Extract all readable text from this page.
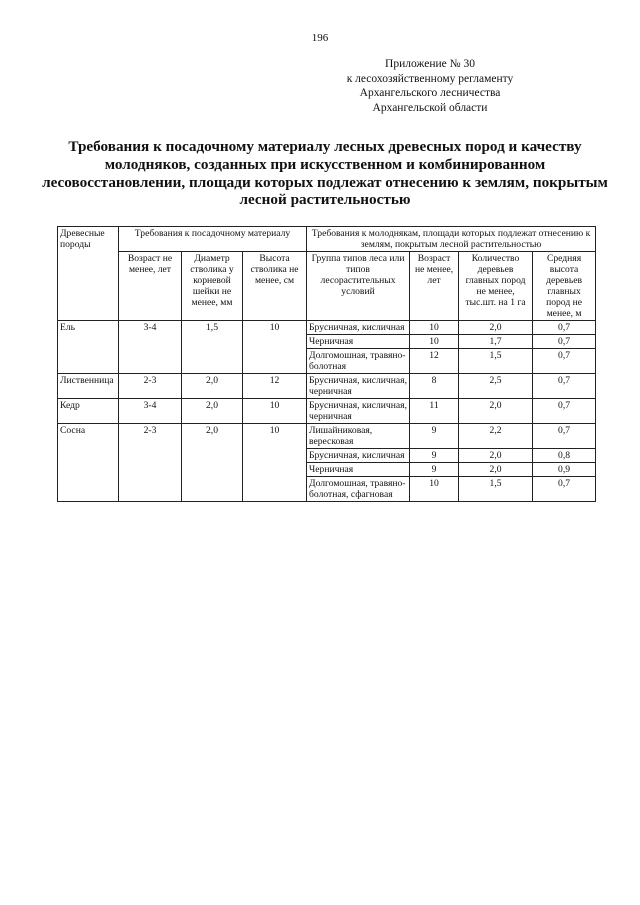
196
Приложение № 30
к лесохозяйственному регламенту
Архангельского лесничества
Архангельской области
Требования к посадочному материалу лесных древесных пород и качеству молодняков, созданных при искусственном и комбинированном лесовосстановлении, площади которых подлежат отнесению к землям, покрытым лесной растительностью
Древесные породы	Требования к посадочному материалу			Требования к молоднякам, площади которых подлежат отнесению к землям, покрытым лесной растительностью			
	Возраст не менее, лет	Диаметр стволика у корневой шейки не менее, мм	Высота стволика не менее, см	Группа типов леса или типов лесорастительных условий	Возраст не менее, лет	Количество деревьев главных пород не менее, тыс.шт. на 1 га	Средняя высота деревьев главных пород не менее, м
Ель	3-4	1,5	10	Брусничная, кисличная	10	2,0	0,7
				Черничная	10	1,7	0,7
				Долгомошная, травяно-болотная	12	1,5	0,7
Лиственница	2-3	2,0	12	Брусничная, кисличная, черничная	8	2,5	0,7
Кедр	3-4	2,0	10	Брусничная, кисличная, черничная	11	2,0	0,7
Сосна	2-3	2,0	10	Лишайниковая, вересковая	9	2,2	0,7
				Брусничная, кисличная	9	2,0	0,8
				Черничная	9	2,0	0,9
				Долгомошная, травяно-болотная, сфагновая	10	1,5	0,7
